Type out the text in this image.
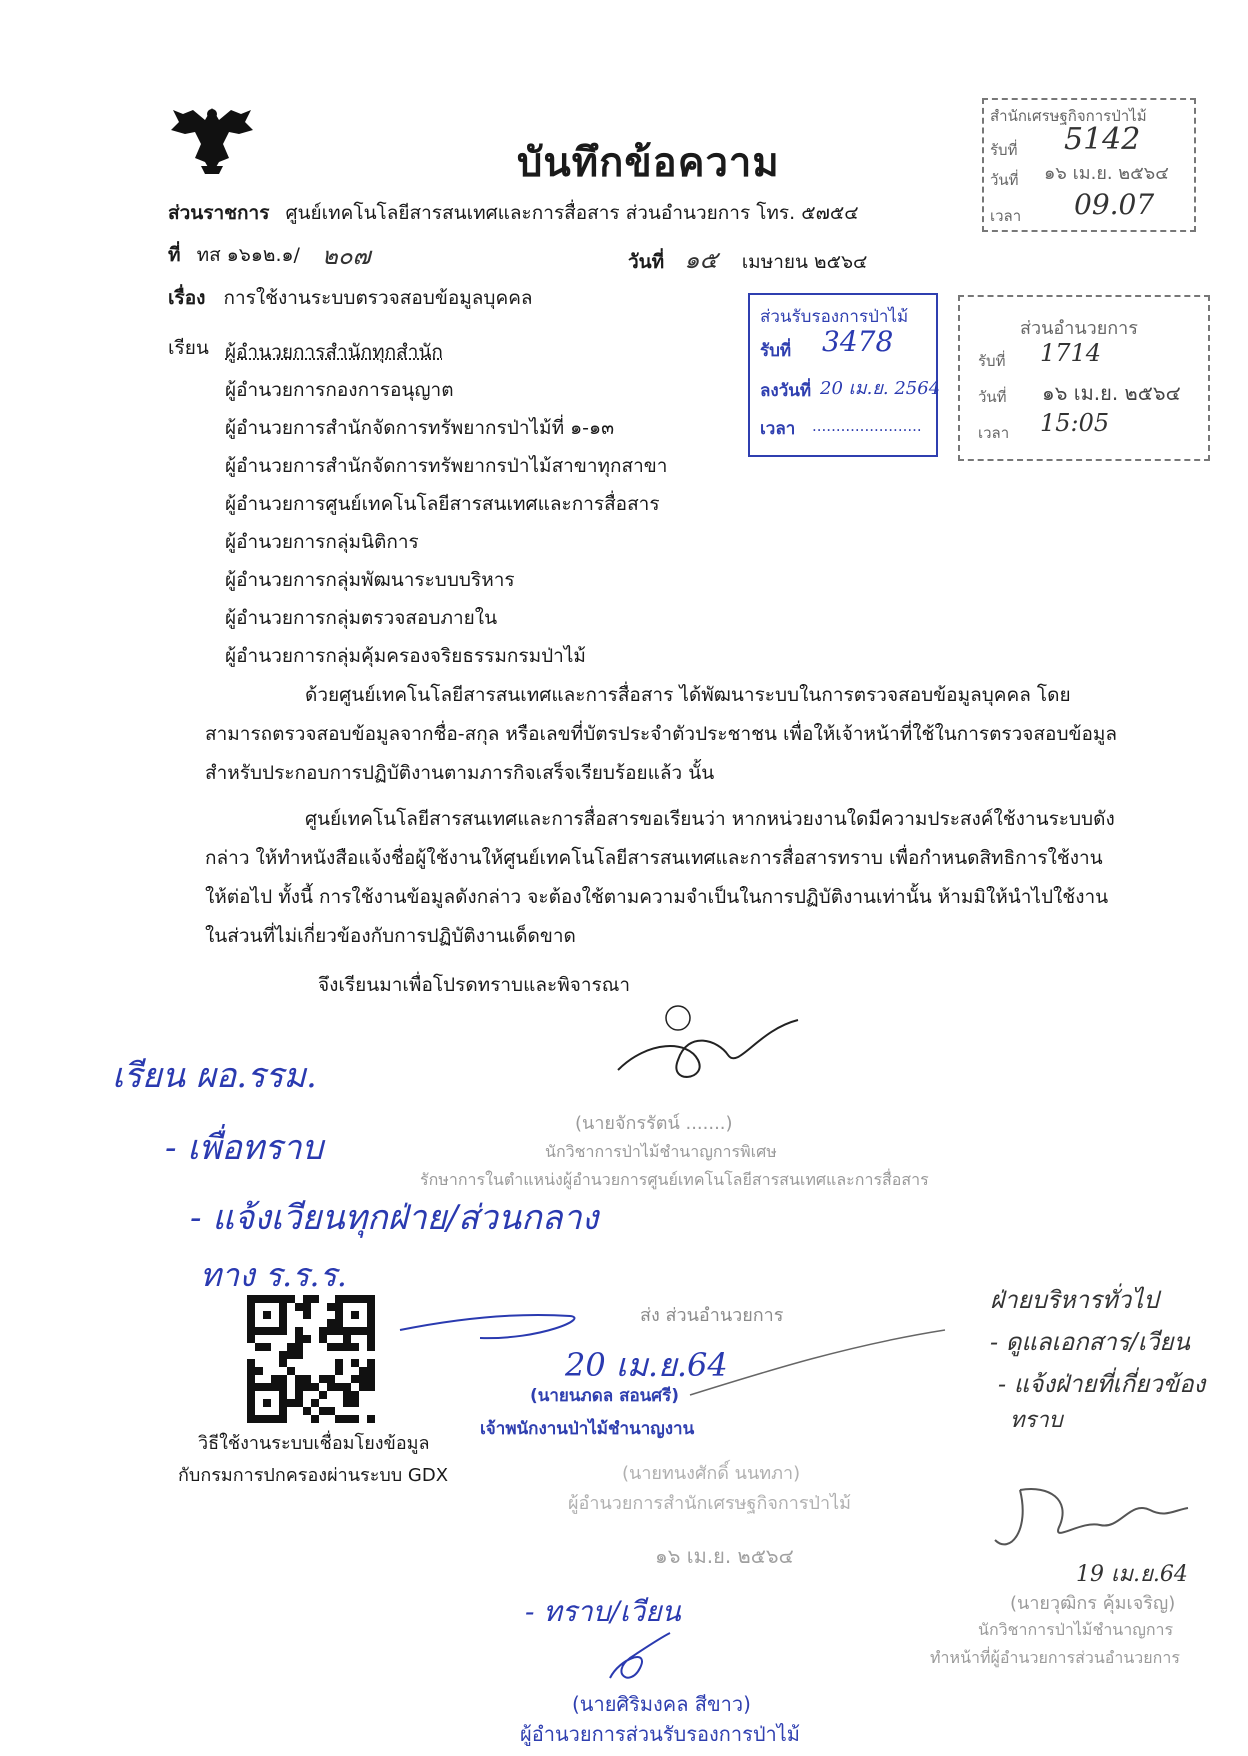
บันทึกข้อความ
ส่วนราชการ ศูนย์เทคโนโลยีสารสนเทศและการสื่อสาร ส่วนอำนวยการ โทร. ๕๗๕๔
ที่ ทส ๑๖๑๒.๑/ ๒๐๗	วันที่ ๑๕ เมษายน ๒๕๖๔
เรื่อง การใช้งานระบบตรวจสอบข้อมูลบุคคล
เรียน ผู้อำนวยการสำนักทุกสำนัก
ผู้อำนวยการกองการอนุญาต
ผู้อำนวยการสำนักจัดการทรัพยากรป่าไม้ที่ ๑-๑๓
ผู้อำนวยการสำนักจัดการทรัพยากรป่าไม้สาขาทุกสาขา
ผู้อำนวยการศูนย์เทคโนโลยีสารสนเทศและการสื่อสาร
ผู้อำนวยการกลุ่มนิติการ
ผู้อำนวยการกลุ่มพัฒนาระบบบริหาร
ผู้อำนวยการกลุ่มตรวจสอบภายใน
ผู้อำนวยการกลุ่มคุ้มครองจริยธรรมกรมป่าไม้
ด้วยศูนย์เทคโนโลยีสารสนเทศและการสื่อสาร ได้พัฒนาระบบในการตรวจสอบข้อมูลบุคคล โดยสามารถตรวจสอบข้อมูลจากชื่อ-สกุล หรือเลขที่บัตรประจำตัวประชาชน เพื่อให้เจ้าหน้าที่ใช้ในการตรวจสอบข้อมูล สำหรับประกอบการปฏิบัติงานตามภารกิจเสร็จเรียบร้อยแล้ว นั้น
ศูนย์เทคโนโลยีสารสนเทศและการสื่อสารขอเรียนว่า หากหน่วยงานใดมีความประสงค์ใช้งานระบบดังกล่าว ให้ทำหนังสือแจ้งชื่อผู้ใช้งานให้ศูนย์เทคโนโลยีสารสนเทศและการสื่อสารทราบ เพื่อกำหนดสิทธิการใช้งานให้ต่อไป ทั้งนี้ การใช้งานข้อมูลดังกล่าว จะต้องใช้ตามความจำเป็นในการปฏิบัติงานเท่านั้น ห้ามมิให้นำไปใช้งานในส่วนที่ไม่เกี่ยวข้องกับการปฏิบัติงานเด็ดขาด
จึงเรียนมาเพื่อโปรดทราบและพิจารณา
สำนักเศรษฐกิจการป่าไม้
รับที่ 5142
วันที่ ๑๖ เม.ย. ๒๕๖๔
เวลา 09.07
ส่วนรับรองการป่าไม้
รับที่ 3478
ลงวันที่ 20 เม.ย. 2564
เวลา .......................
ส่วนอำนวยการ
รับที่ 1714
วันที่ ๑๖ เม.ย. ๒๕๖๔
เวลา 15:05
(นายจักรรัตน์ .......)
นักวิชาการป่าไม้ชำนาญการพิเศษ
รักษาการในตำแหน่งผู้อำนวยการศูนย์เทคโนโลยีสารสนเทศและการสื่อสาร
เรียน ผอ.รรม.
- เพื่อทราบ
- แจ้งเวียนทุกฝ่าย/ส่วนกลาง
ทาง ร.ร.ร.
วิธีใช้งานระบบเชื่อมโยงข้อมูล
กับกรมการปกครองผ่านระบบ GDX
ส่ง ส่วนอำนวยการ
20 เม.ย.64
(นายนภดล สอนศรี)
เจ้าพนักงานป่าไม้ชำนาญงาน
(นายทนงศักดิ์ นนทภา)
ผู้อำนวยการสำนักเศรษฐกิจการป่าไม้
๑๖ เม.ย. ๒๕๖๔
- ทราบ/เวียน
(นายศิริมงคล สีขาว)
ผู้อำนวยการส่วนรับรองการป่าไม้
ฝ่ายบริหารทั่วไป
- ดูแลเอกสาร/เวียน
- แจ้งฝ่ายที่เกี่ยวข้อง
ทราบ
19 เม.ย.64
(นายวุฒิกร คุ้มเจริญ)
นักวิชาการป่าไม้ชำนาญการ
ทำหน้าที่ผู้อำนวยการส่วนอำนวยการ
